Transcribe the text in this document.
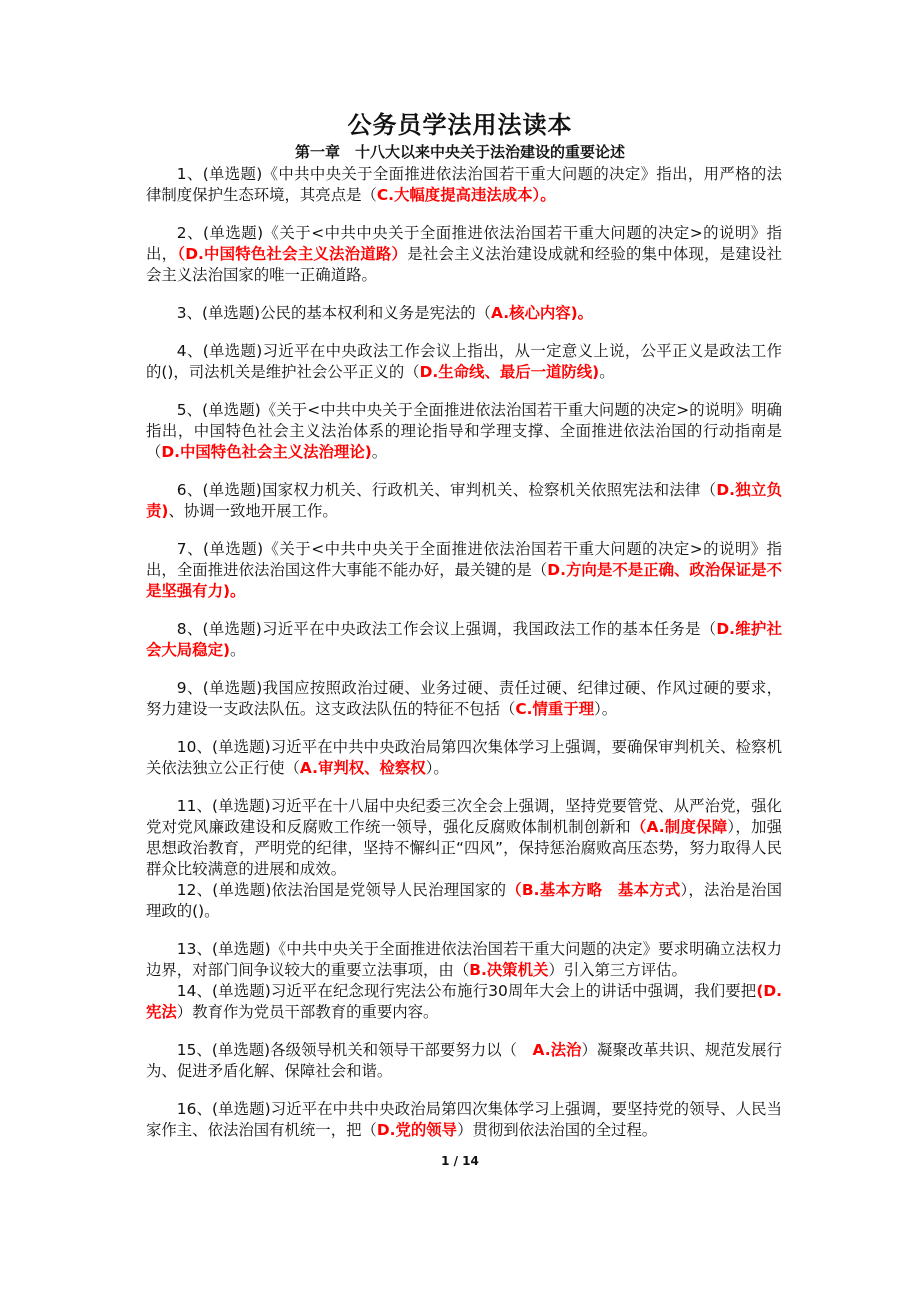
公务员学法用法读本
第一章　十八大以来中央关于法治建设的重要论述

1、(单选题)《中共中央关于全面推进依法治国若干重大问题的决定》指出，用严格的法律制度保护生态环境，其亮点是（C.大幅度提高违法成本）。

2、(单选题)《关于<中共中央关于全面推进依法治国若干重大问题的决定>的说明》指出，（D.中国特色社会主义法治道路）是社会主义法治建设成就和经验的集中体现，是建设社会主义法治国家的唯一正确道路。

3、(单选题)公民的基本权利和义务是宪法的（A.核心内容)。

4、(单选题)习近平在中央政法工作会议上指出，从一定意义上说，公平正义是政法工作的()，司法机关是维护社会公平正义的（D.生命线、最后一道防线)。

5、(单选题)《关于<中共中央关于全面推进依法治国若干重大问题的决定>的说明》明确指出，中国特色社会主义法治体系的理论指导和学理支撑、全面推进依法治国的行动指南是（D.中国特色社会主义法治理论)。

6、(单选题)国家权力机关、行政机关、审判机关、检察机关依照宪法和法律（D.独立负责)、协调一致地开展工作。

7、(单选题)《关于<中共中央关于全面推进依法治国若干重大问题的决定>的说明》指出，全面推进依法治国这件大事能不能办好，最关键的是（D.方向是不是正确、政治保证是不是坚强有力)。

8、(单选题)习近平在中央政法工作会议上强调，我国政法工作的基本任务是（D.维护社会大局稳定)。

9、(单选题)我国应按照政治过硬、业务过硬、责任过硬、纪律过硬、作风过硬的要求，努力建设一支政法队伍。这支政法队伍的特征不包括（C.情重于理）。

10、(单选题)习近平在中共中央政治局第四次集体学习上强调，要确保审判机关、检察机关依法独立公正行使（A.审判权、检察权）。

11、(单选题)习近平在十八届中央纪委三次全会上强调，坚持党要管党、从严治党，强化党对党风廉政建设和反腐败工作统一领导，强化反腐败体制机制创新和（A.制度保障），加强思想政治教育，严明党的纪律，坚持不懈纠正“四风”，保持惩治腐败高压态势，努力取得人民群众比较满意的进展和成效。

12、(单选题)依法治国是党领导人民治理国家的（B.基本方略　基本方式），法治是治国理政的()。

13、(单选题)《中共中央关于全面推进依法治国若干重大问题的决定》要求明确立法权力边界，对部门间争议较大的重要立法事项，由（B.决策机关）引入第三方评估。

14、(单选题)习近平在纪念现行宪法公布施行30周年大会上的讲话中强调，我们要把(D.宪法）教育作为党员干部教育的重要内容。

15、(单选题)各级领导机关和领导干部要努力以（　A.法治）凝聚改革共识、规范发展行为、促进矛盾化解、保障社会和谐。

16、(单选题)习近平在中共中央政治局第四次集体学习上强调，要坚持党的领导、人民当家作主、依法治国有机统一，把（D.党的领导）贯彻到依法治国的全过程。

1 / 14
